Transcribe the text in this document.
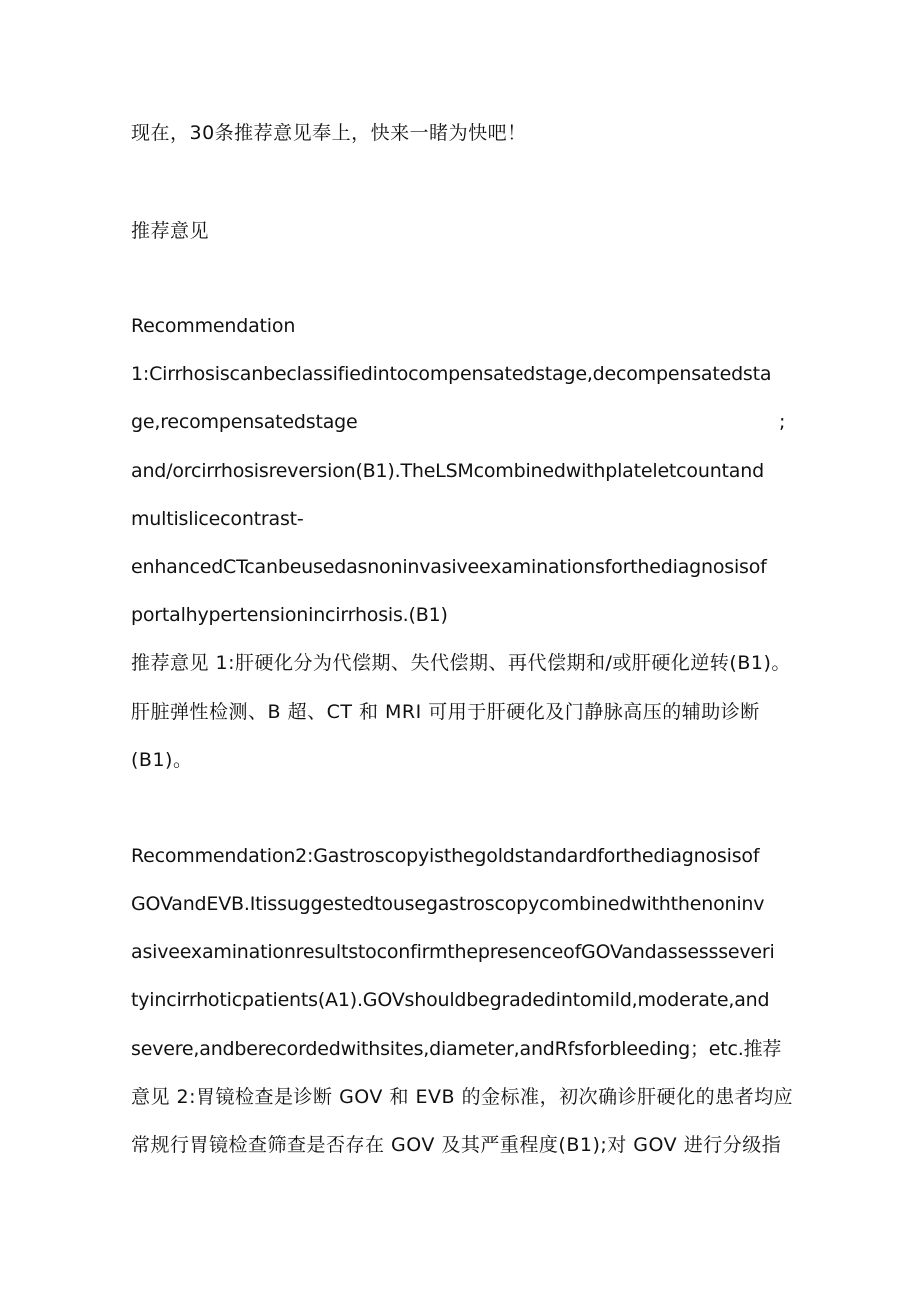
现在，30条推荐意见奉上，快来一睹为快吧！
推荐意见
Recommendation
1:Cirrhosiscanbeclassifiedintocompensatedstage,decompensatedsta
ge,recompensatedstage	;
and/orcirrhosisreversion(B1).TheLSMcombinedwithplateletcountand
multislicecontrast-
enhancedCTcanbeusedasnoninvasiveexaminationsforthediagnosisof
portalhypertensionincirrhosis.(B1)
推荐意见 1:肝硬化分为代偿期、失代偿期、再代偿期和/或肝硬化逆转(B1)。
肝脏弹性检测、B 超、CT 和 MRI 可用于肝硬化及门静脉高压的辅助诊断
(B1)。
Recommendation2:Gastroscopyisthegoldstandardforthediagnosisof
GOVandEVB.Itissuggestedtousegastroscopycombinedwiththenoninv
asiveexaminationresultstoconfirmthepresenceofGOVandassessseveri
tyincirrhoticpatients(A1).GOVshouldbegradedintomild,moderate,and
severe,andberecordedwithsites,diameter,andRfsforbleeding；etc.推荐
意见 2:胃镜检查是诊断 GOV 和 EVB 的金标准，初次确诊肝硬化的患者均应
常规行胃镜检查筛查是否存在 GOV 及其严重程度(B1);对 GOV 进行分级指
